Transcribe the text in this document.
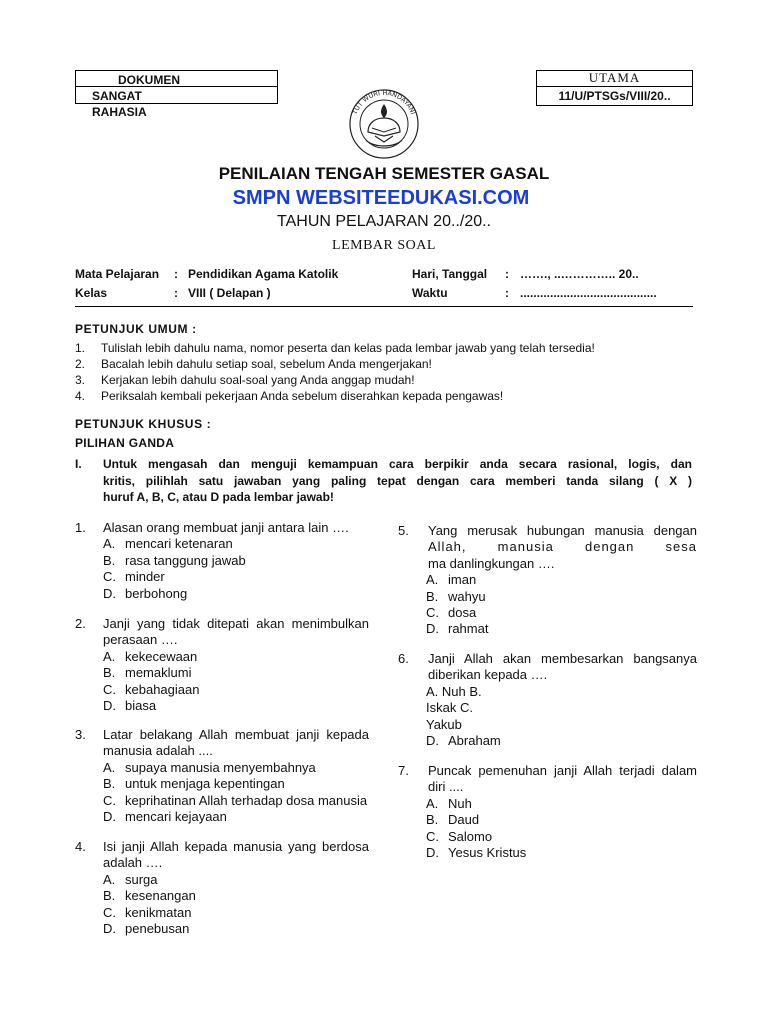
DOKUMEN
SANGAT
RAHASIA
UTAMA
11/U/PTSGs/VIII/20..
TUT WURI HANDAYANI
PENILAIAN TENGAH SEMESTER GASAL
SMPN WEBSITEEDUKASI.COM
TAHUN PELAJARAN 20../20..
LEMBAR SOAL
Mata Pelajaran : Pendidikan Agama Katolik
Kelas	: VIII ( Delapan )
Hari, Tanggal : ……., ..………….. 20..
Waktu	: .........................................
PETUNJUK UMUM :
1. Tulislah lebih dahulu nama, nomor peserta dan kelas pada lembar jawab yang telah tersedia!
2. Bacalah lebih dahulu setiap soal, sebelum Anda mengerjakan!
3. Kerjakan lebih dahulu soal-soal yang Anda anggap mudah!
4. Periksalah kembali pekerjaan Anda sebelum diserahkan kepada pengawas!
PETUNJUK KHUSUS :
PILIHAN GANDA
I. Untuk mengasah dan menguji kemampuan cara berpikir anda secara rasional, logis, dan
kritis, pilihlah satu jawaban yang paling tepat dengan cara memberi tanda silang ( X )
huruf A, B, C, atau D pada lembar jawab!
1. Alasan orang membuat janji antara lain ….
A. mencari ketenaran
B. rasa tanggung jawab
C. minder
D. berbohong
2. Janji yang tidak ditepati akan menimbulkan
perasaan ….
A. kekecewaan
B. memaklumi
C. kebahagiaan
D. biasa
3. Latar belakang Allah membuat janji kepada
manusia adalah ....
A. supaya manusia menyembahnya
B. untuk menjaga kepentingan
C. keprihatinan Allah terhadap dosa manusia
D. mencari kejayaan
4. Isi janji Allah kepada manusia yang berdosa
adalah ….
A. surga
B. kesenangan
C. kenikmatan
D. penebusan
5. Yang merusak hubungan manusia dengan
Allah, manusia dengan sesa
ma danlingkungan ….
A. iman
B. wahyu
C. dosa
D. rahmat
6. Janji Allah akan membesarkan bangsanya
diberikan kepada ….
A. Nuh B.
Iskak C.
Yakub
D. Abraham
7. Puncak pemenuhan janji Allah terjadi dalam
diri ....
A. Nuh
B. Daud
C. Salomo
D. Yesus Kristus
